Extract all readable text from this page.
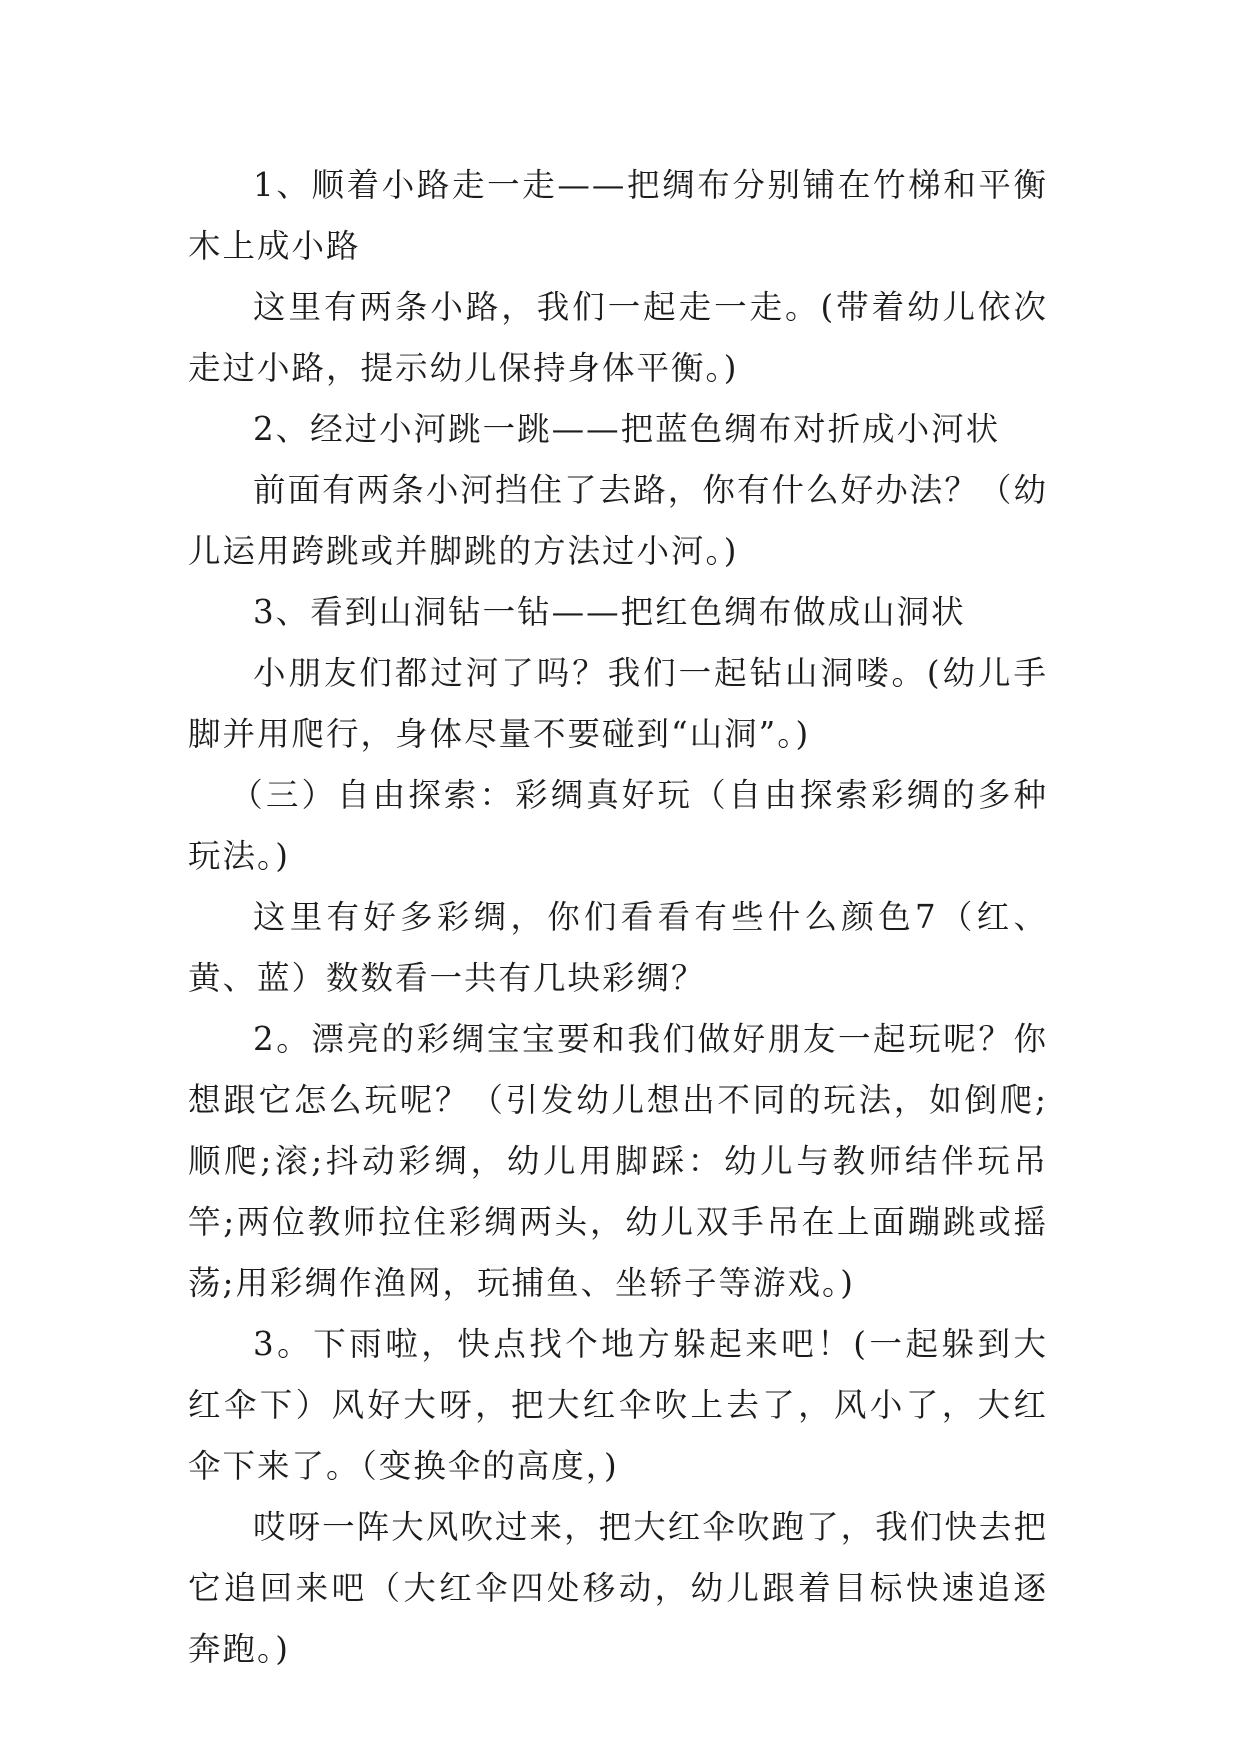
1、顺着小路走一走——把绸布分别铺在竹梯和平衡木上成小路

这里有两条小路，我们一起走一走。(带着幼儿依次走过小路，提示幼儿保持身体平衡。)

2、经过小河跳一跳——把蓝色绸布对折成小河状

前面有两条小河挡住了去路，你有什么好办法？（幼儿运用跨跳或并脚跳的方法过小河。)

3、看到山洞钻一钻——把红色绸布做成山洞状

小朋友们都过河了吗？我们一起钻山洞喽。(幼儿手脚并用爬行，身体尽量不要碰到“山洞”。)

（三）自由探索：彩绸真好玩（自由探索彩绸的多种玩法。)

这里有好多彩绸，你们看看有些什么颜色7（红、黄、蓝）数数看一共有几块彩绸？

2。漂亮的彩绸宝宝要和我们做好朋友一起玩呢？你想跟它怎么玩呢？（引发幼儿想出不同的玩法，如倒爬;顺爬;滚;抖动彩绸，幼儿用脚踩：幼儿与教师结伴玩吊竿;两位教师拉住彩绸两头，幼儿双手吊在上面蹦跳或摇荡;用彩绸作渔网，玩捕鱼、坐轿子等游戏。)

3。下雨啦，快点找个地方躲起来吧！(一起躲到大红伞下）风好大呀，把大红伞吹上去了，风小了，大红伞下来了。（变换伞的高度，)

哎呀一阵大风吹过来，把大红伞吹跑了，我们快去把它追回来吧（大红伞四处移动，幼儿跟着目标快速追逐奔跑。)
